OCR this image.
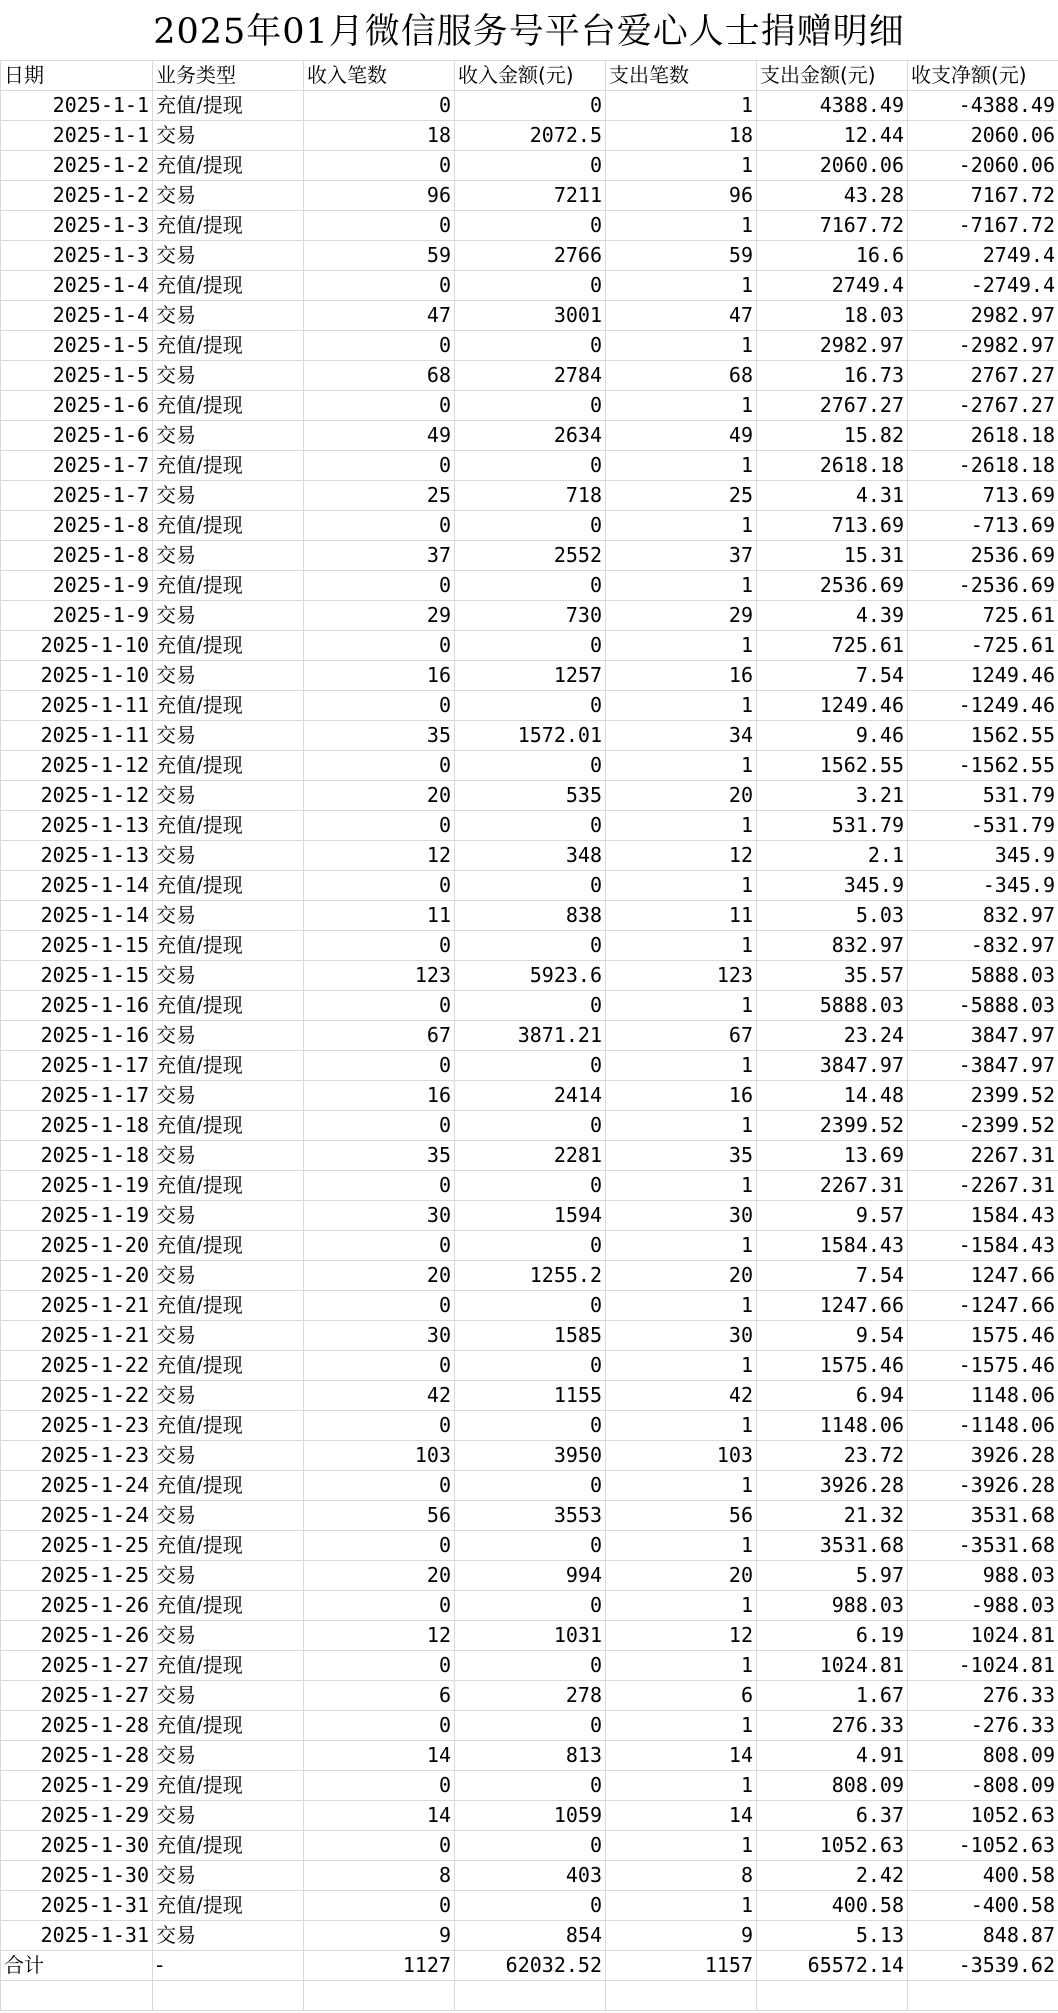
2025年01月微信服务号平台爱心人士捐赠明细
日期	业务类型	收入笔数	收入金额(元)	支出笔数	支出金额(元)	收支净额(元)
2025-1-1	充值/提现	0	0	1	4388.49	-4388.49
2025-1-1	交易	18	2072.5	18	12.44	2060.06
2025-1-2	充值/提现	0	0	1	2060.06	-2060.06
2025-1-2	交易	96	7211	96	43.28	7167.72
2025-1-3	充值/提现	0	0	1	7167.72	-7167.72
2025-1-3	交易	59	2766	59	16.6	2749.4
2025-1-4	充值/提现	0	0	1	2749.4	-2749.4
2025-1-4	交易	47	3001	47	18.03	2982.97
2025-1-5	充值/提现	0	0	1	2982.97	-2982.97
2025-1-5	交易	68	2784	68	16.73	2767.27
2025-1-6	充值/提现	0	0	1	2767.27	-2767.27
2025-1-6	交易	49	2634	49	15.82	2618.18
2025-1-7	充值/提现	0	0	1	2618.18	-2618.18
2025-1-7	交易	25	718	25	4.31	713.69
2025-1-8	充值/提现	0	0	1	713.69	-713.69
2025-1-8	交易	37	2552	37	15.31	2536.69
2025-1-9	充值/提现	0	0	1	2536.69	-2536.69
2025-1-9	交易	29	730	29	4.39	725.61
2025-1-10	充值/提现	0	0	1	725.61	-725.61
2025-1-10	交易	16	1257	16	7.54	1249.46
2025-1-11	充值/提现	0	0	1	1249.46	-1249.46
2025-1-11	交易	35	1572.01	34	9.46	1562.55
2025-1-12	充值/提现	0	0	1	1562.55	-1562.55
2025-1-12	交易	20	535	20	3.21	531.79
2025-1-13	充值/提现	0	0	1	531.79	-531.79
2025-1-13	交易	12	348	12	2.1	345.9
2025-1-14	充值/提现	0	0	1	345.9	-345.9
2025-1-14	交易	11	838	11	5.03	832.97
2025-1-15	充值/提现	0	0	1	832.97	-832.97
2025-1-15	交易	123	5923.6	123	35.57	5888.03
2025-1-16	充值/提现	0	0	1	5888.03	-5888.03
2025-1-16	交易	67	3871.21	67	23.24	3847.97
2025-1-17	充值/提现	0	0	1	3847.97	-3847.97
2025-1-17	交易	16	2414	16	14.48	2399.52
2025-1-18	充值/提现	0	0	1	2399.52	-2399.52
2025-1-18	交易	35	2281	35	13.69	2267.31
2025-1-19	充值/提现	0	0	1	2267.31	-2267.31
2025-1-19	交易	30	1594	30	9.57	1584.43
2025-1-20	充值/提现	0	0	1	1584.43	-1584.43
2025-1-20	交易	20	1255.2	20	7.54	1247.66
2025-1-21	充值/提现	0	0	1	1247.66	-1247.66
2025-1-21	交易	30	1585	30	9.54	1575.46
2025-1-22	充值/提现	0	0	1	1575.46	-1575.46
2025-1-22	交易	42	1155	42	6.94	1148.06
2025-1-23	充值/提现	0	0	1	1148.06	-1148.06
2025-1-23	交易	103	3950	103	23.72	3926.28
2025-1-24	充值/提现	0	0	1	3926.28	-3926.28
2025-1-24	交易	56	3553	56	21.32	3531.68
2025-1-25	充值/提现	0	0	1	3531.68	-3531.68
2025-1-25	交易	20	994	20	5.97	988.03
2025-1-26	充值/提现	0	0	1	988.03	-988.03
2025-1-26	交易	12	1031	12	6.19	1024.81
2025-1-27	充值/提现	0	0	1	1024.81	-1024.81
2025-1-27	交易	6	278	6	1.67	276.33
2025-1-28	充值/提现	0	0	1	276.33	-276.33
2025-1-28	交易	14	813	14	4.91	808.09
2025-1-29	充值/提现	0	0	1	808.09	-808.09
2025-1-29	交易	14	1059	14	6.37	1052.63
2025-1-30	充值/提现	0	0	1	1052.63	-1052.63
2025-1-30	交易	8	403	8	2.42	400.58
2025-1-31	充值/提现	0	0	1	400.58	-400.58
2025-1-31	交易	9	854	9	5.13	848.87
合计	-	1127	62032.52	1157	65572.14	-3539.62
